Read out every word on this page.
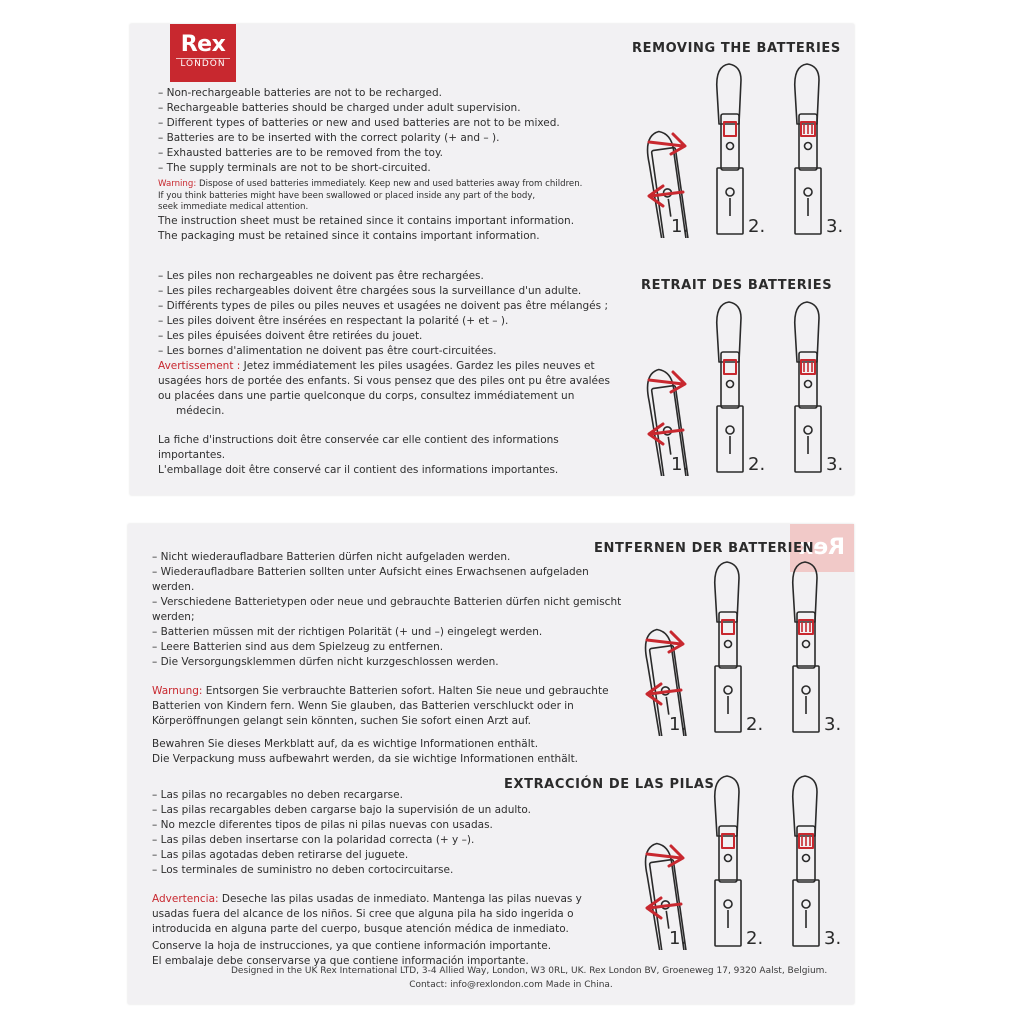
Rex
LONDON
– Non-rechargeable batteries are not to be recharged.
– Rechargeable batteries should be charged under adult supervision.
– Different types of batteries or new and used batteries are not to be mixed.
– Batteries are to be inserted with the correct polarity (+ and – ).
– Exhausted batteries are to be removed from the toy.
– The supply terminals are not to be short-circuited.
Warning: Dispose of used batteries immediately. Keep new and used batteries away from children.
If you think batteries might have been swallowed or placed inside any part of the body,
seek immediate medical attention.
The instruction sheet must be retained since it contains important information.
The packaging must be retained since it contains important information.
REMOVING THE BATTERIES
1.	2.	3.
– Les piles non rechargeables ne doivent pas être rechargées.
– Les piles rechargeables doivent être chargées sous la surveillance d'un adulte.
– Différents types de piles ou piles neuves et usagées ne doivent pas être mélangés ;
– Les piles doivent être insérées en respectant la polarité (+ et – ).
– Les piles épuisées doivent être retirées du jouet.
– Les bornes d'alimentation ne doivent pas être court-circuitées.
Avertissement : Jetez immédiatement les piles usagées. Gardez les piles neuves et
usagées hors de portée des enfants. Si vous pensez que des piles ont pu être avalées
ou placées dans une partie quelconque du corps, consultez immédiatement un
médecin.
La fiche d'instructions doit être conservée car elle contient des informations
importantes.
L'emballage doit être conservé car il contient des informations importantes.
RETRAIT DES BATTERIES
1.	2.	3.
Rex
– Nicht wiederaufladbare Batterien dürfen nicht aufgeladen werden.
– Wiederaufladbare Batterien sollten unter Aufsicht eines Erwachsenen aufgeladen
werden.
– Verschiedene Batterietypen oder neue und gebrauchte Batterien dürfen nicht gemischt
werden;
– Batterien müssen mit der richtigen Polarität (+ und –) eingelegt werden.
– Leere Batterien sind aus dem Spielzeug zu entfernen.
– Die Versorgungsklemmen dürfen nicht kurzgeschlossen werden.
Warnung: Entsorgen Sie verbrauchte Batterien sofort. Halten Sie neue und gebrauchte
Batterien von Kindern fern. Wenn Sie glauben, das Batterien verschluckt oder in
Körperöffnungen gelangt sein könnten, suchen Sie sofort einen Arzt auf.
Bewahren Sie dieses Merkblatt auf, da es wichtige Informationen enthält.
Die Verpackung muss aufbewahrt werden, da sie wichtige Informationen enthält.
ENTFERNEN DER BATTERIEN
1.	2.	3.
– Las pilas no recargables no deben recargarse.
– Las pilas recargables deben cargarse bajo la supervisión de un adulto.
– No mezcle diferentes tipos de pilas ni pilas nuevas con usadas.
– Las pilas deben insertarse con la polaridad correcta (+ y –).
– Las pilas agotadas deben retirarse del juguete.
– Los terminales de suministro no deben cortocircuitarse.
Advertencia: Deseche las pilas usadas de inmediato. Mantenga las pilas nuevas y
usadas fuera del alcance de los niños. Si cree que alguna pila ha sido ingerida o
introducida en alguna parte del cuerpo, busque atención médica de inmediato.
Conserve la hoja de instrucciones, ya que contiene información importante.
El embalaje debe conservarse ya que contiene información importante.
EXTRACCIÓN DE LAS PILAS
1.	2.	3.
Designed in the UK Rex International LTD, 3-4 Allied Way, London, W3 0RL, UK. Rex London BV, Groeneweg 17, 9320 Aalst, Belgium.
Contact: info@rexlondon.com Made in China.
